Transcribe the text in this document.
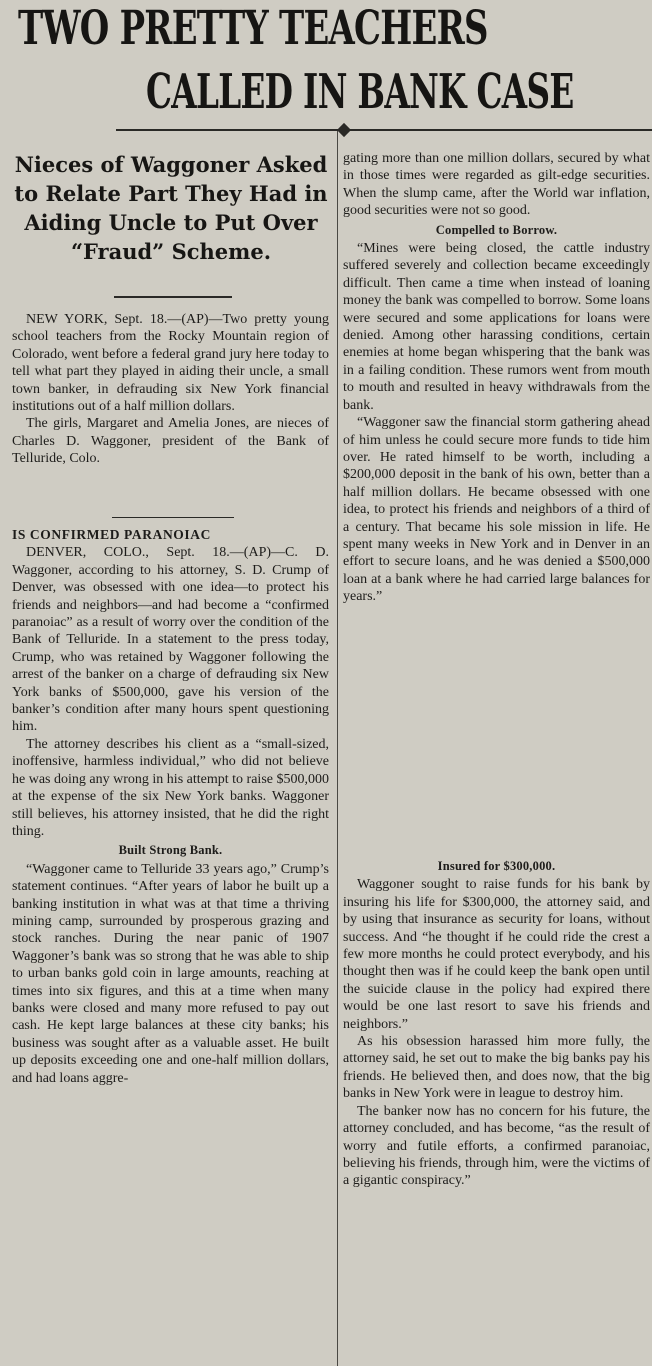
TWO PRETTY TEACHERS
CALLED IN BANK CASE
Nieces of Waggoner Asked to Relate Part They Had in Aiding Uncle to Put Over “Fraud” Scheme.

NEW YORK, Sept. 18.—(AP)—Two pretty young school teachers from the Rocky Mountain region of Colorado, went before a federal grand jury here today to tell what part they played in aiding their uncle, a small town banker, in defrauding six New York financial institutions out of a half million dollars.

The girls, Margaret and Amelia Jones, are nieces of Charles D. Waggoner, president of the Bank of Telluride, Colo.

IS CONFIRMED PARANOIAC

DENVER, COLO., Sept. 18.—(AP)—C. D. Waggoner, according to his attorney, S. D. Crump of Denver, was obsessed with one idea—to protect his friends and neighbors—and had become a “confirmed paranoiac” as a result of worry over the condition of the Bank of Telluride. In a statement to the press today, Crump, who was retained by Waggoner following the arrest of the banker on a charge of defrauding six New York banks of $500,000, gave his version of the banker’s condition after many hours spent questioning him.

The attorney describes his client as a “small-sized, inoffensive, harmless individual,” who did not believe he was doing any wrong in his attempt to raise $500,000 at the expense of the six New York banks. Waggoner still believes, his attorney insisted, that he did the right thing.

Built Strong Bank.

“Waggoner came to Telluride 33 years ago,” Crump’s statement continues. “After years of labor he built up a banking institution in what was at that time a thriving mining camp, surrounded by prosperous grazing and stock ranches. During the near panic of 1907 Waggoner’s bank was so strong that he was able to ship to urban banks gold coin in large amounts, reaching at times into six figures, and this at a time when many banks were closed and many more refused to pay out cash. He kept large balances at these city banks; his business was sought after as a valuable asset. He built up deposits exceeding one and one-half million dollars, and had loans aggre-

gating more than one million dollars, secured by what in those times were regarded as gilt-edge securities. When the slump came, after the World war inflation, good securities were not so good.

Compelled to Borrow.

“Mines were being closed, the cattle industry suffered severely and collection became exceedingly difficult. Then came a time when instead of loaning money the bank was compelled to borrow. Some loans were secured and some applications for loans were denied. Among other harassing conditions, certain enemies at home began whispering that the bank was in a failing condition. These rumors went from mouth to mouth and resulted in heavy withdrawals from the bank.

“Waggoner saw the financial storm gathering ahead of him unless he could secure more funds to tide him over. He rated himself to be worth, including a $200,000 deposit in the bank of his own, better than a half million dollars. He became obsessed with one idea, to protect his friends and neighbors of a third of a century. That became his sole mission in life. He spent many weeks in New York and in Denver in an effort to secure loans, and he was denied a $500,000 loan at a bank where he had carried large balances for years.”

Insured for $300,000.

Waggoner sought to raise funds for his bank by insuring his life for $300,000, the attorney said, and by using that insurance as security for loans, without success. And “he thought if he could ride the crest a few more months he could protect everybody, and his thought then was if he could keep the bank open until the suicide clause in the policy had expired there would be one last resort to save his friends and neighbors.”

As his obsession harassed him more fully, the attorney said, he set out to make the big banks pay his friends. He believed then, and does now, that the big banks in New York were in league to destroy him.

The banker now has no concern for his future, the attorney concluded, and has become, “as the result of worry and futile efforts, a confirmed paranoiac, believing his friends, through him, were the victims of a gigantic conspiracy.”
